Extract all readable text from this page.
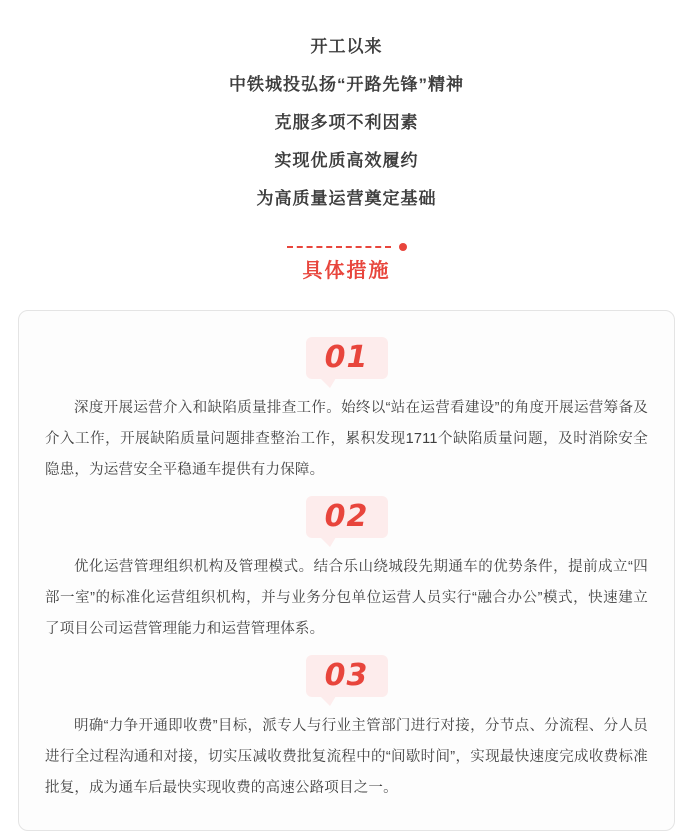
开工以来

中铁城投弘扬“开路先锋”精神

克服多项不利因素

实现优质高效履约

为高质量运营奠定基础

具体措施
01

深度开展运营介入和缺陷质量排查工作。始终以“站在运营看建设”的角度开展运营筹备及介入工作，开展缺陷质量问题排查整治工作，累积发现1711个缺陷质量问题，及时消除安全隐患，为运营安全平稳通车提供有力保障。

02

优化运营管理组织机构及管理模式。结合乐山绕城段先期通车的优势条件，提前成立“四部一室”的标准化运营组织机构，并与业务分包单位运营人员实行“融合办公”模式，快速建立了项目公司运营管理能力和运营管理体系。

03

明确“力争开通即收费”目标，派专人与行业主管部门进行对接，分节点、分流程、分人员进行全过程沟通和对接，切实压减收费批复流程中的“间歇时间”，实现最快速度完成收费标准批复，成为通车后最快实现收费的高速公路项目之一。
